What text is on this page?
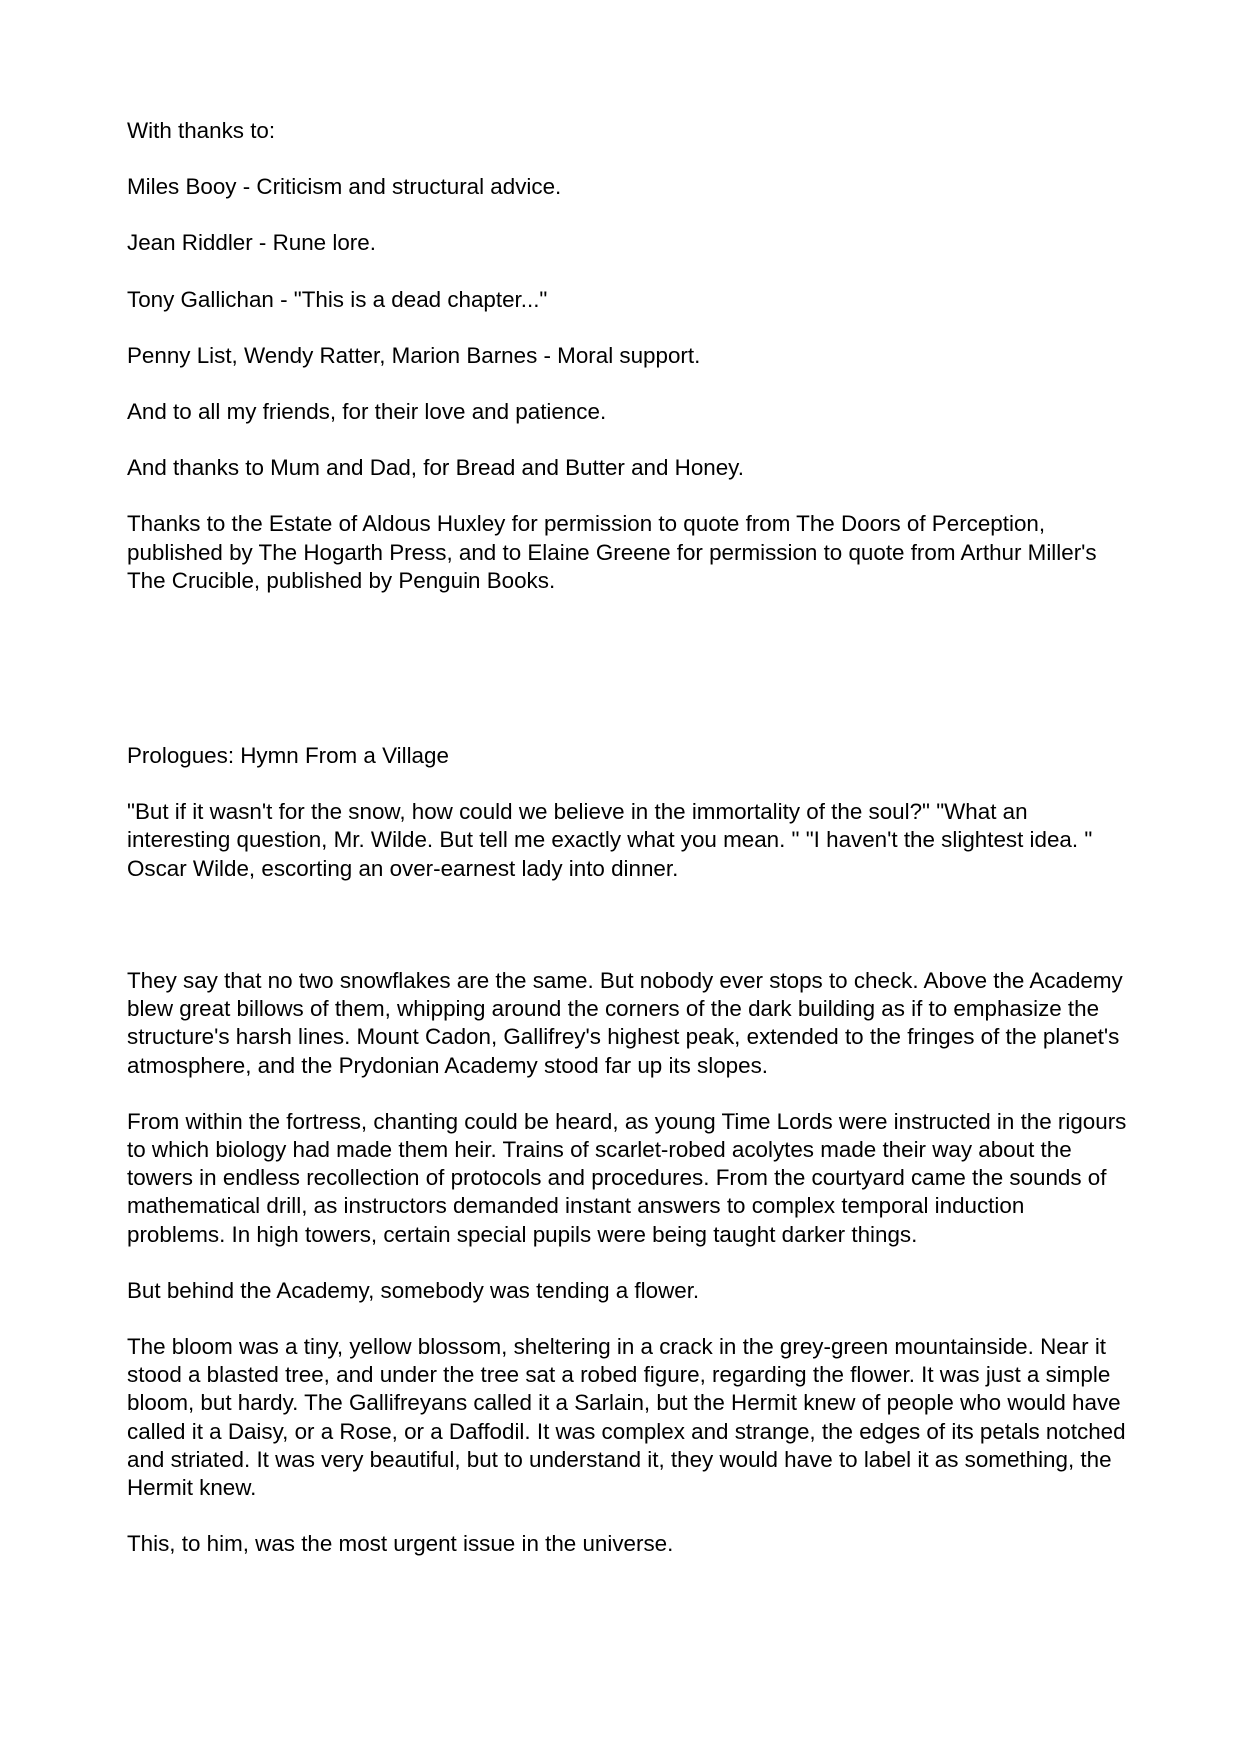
With thanks to:

Miles Booy - Criticism and structural advice.

Jean Riddler - Rune lore.

Tony Gallichan - "This is a dead chapter..."

Penny List, Wendy Ratter, Marion Barnes - Moral support.

And to all my friends, for their love and patience.

And thanks to Mum and Dad, for Bread and Butter and Honey.

Thanks to the Estate of Aldous Huxley for permission to quote from The Doors of Perception, published by The Hogarth Press, and to Elaine Greene for permission to quote from Arthur Miller's The Crucible, published by Penguin Books.

Prologues: Hymn From a Village

"But if it wasn't for the snow, how could we believe in the immortality of the soul?" "What an interesting question, Mr. Wilde. But tell me exactly what you mean. " "I haven't the slightest idea. " Oscar Wilde, escorting an over-earnest lady into dinner.

They say that no two snowflakes are the same. But nobody ever stops to check. Above the Academy blew great billows of them, whipping around the corners of the dark building as if to emphasize the structure's harsh lines. Mount Cadon, Gallifrey's highest peak, extended to the fringes of the planet's atmosphere, and the Prydonian Academy stood far up its slopes.

From within the fortress, chanting could be heard, as young Time Lords were instructed in the rigours to which biology had made them heir. Trains of scarlet-robed acolytes made their way about the towers in endless recollection of protocols and procedures. From the courtyard came the sounds of mathematical drill, as instructors demanded instant answers to complex temporal induction problems. In high towers, certain special pupils were being taught darker things.

But behind the Academy, somebody was tending a flower.

The bloom was a tiny, yellow blossom, sheltering in a crack in the grey-green mountainside. Near it stood a blasted tree, and under the tree sat a robed figure, regarding the flower. It was just a simple bloom, but hardy. The Gallifreyans called it a Sarlain, but the Hermit knew of people who would have called it a Daisy, or a Rose, or a Daffodil. It was complex and strange, the edges of its petals notched and striated. It was very beautiful, but to understand it, they would have to label it as something, the Hermit knew.

This, to him, was the most urgent issue in the universe.
